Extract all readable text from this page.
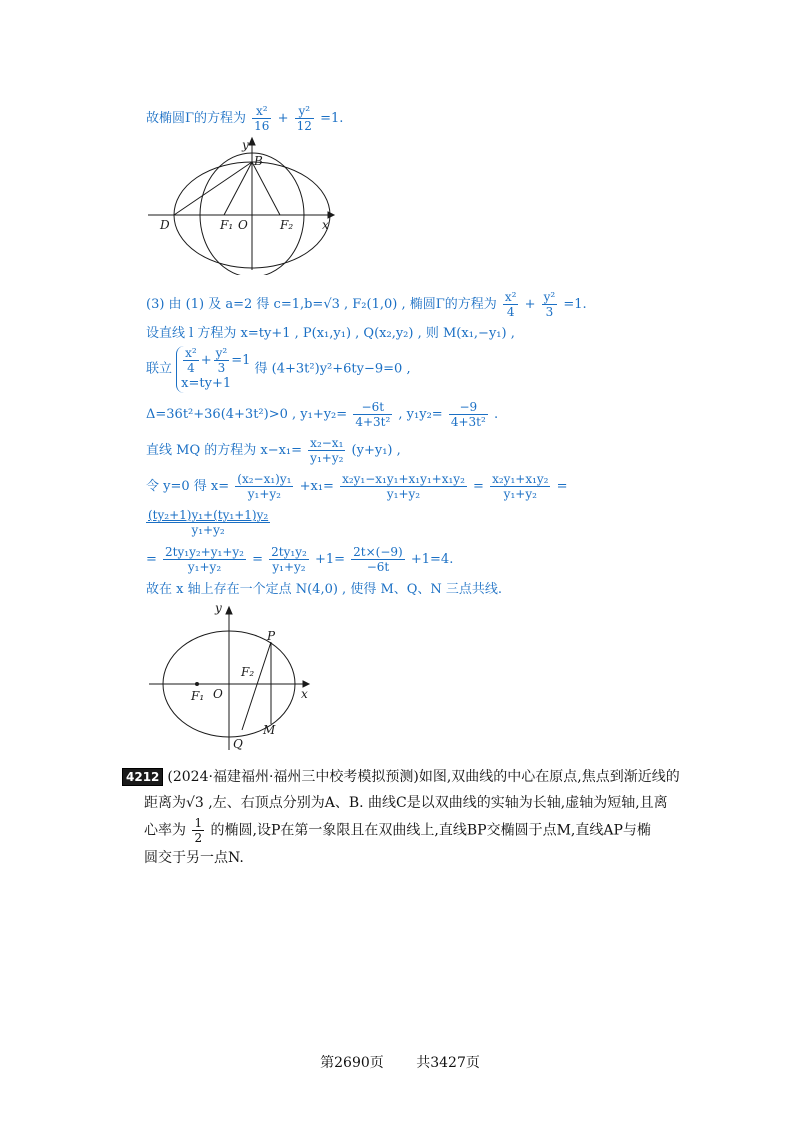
故椭圆Γ的方程为 $\frac{\text{x²}}{16} + \frac{\text{y²}}{12} =1$.
y
B
D	F₁ O	F₂ x
(3) 由 (1) 及 a=2 得 c=1,b=√3 , F₂(1,0) , 椭圆Γ的方程为 $\frac{\text{x²}}{4} + \frac{\text{y²}}{3} =1$.
设直线 l 方程为 x=ty+1 , P(x₁,y₁) , Q(x₂,y₂) , 则 M(x₁,−y₁) ,
联立 $\frac{\text{x²}}{4} + \frac{\text{y²}}{3} =1$
x=ty+1
得 (4+3t²)y²+6ty−9=0 ,
Δ=36t²+36(4+3t²)>0 , $y_1+y_2= \frac{-6t}{\text{4+3t²}}$ , $y_1y_2= \frac{-9}{\text{4+3t²}}$ .
直线 MQ 的方程为 $x-x_1= \frac{\text{x₂−x₁}}{\text{y₁+y₂}} (y+y_1)$ ,
令 y=0 得 $x= \frac{\text{(x₂−x₁)y₁}}{\text{y₁+y₂}} +x_1= \frac{\text{x₂y₁−x₁y₁+x₁y₁+x₁y₂}}{\text{y₁+y₂}} = \frac{\text{x₂y₁+x₁y₂}}{\text{y₁+y₂}}$ =
$\frac{\text{(ty₂+1)y₁+(ty₁+1)y₂}}{\text{y₁+y₂}}$
= $\frac{\text{2ty₁y₂+y₁+y₂}}{\text{y₁+y₂}} = \frac{\text{2ty₁y₂}}{\text{y₁+y₂}} +1= \frac{2t\times(-9)}{-6t} +1=4$.
故在 x 轴上存在一个定点 N(4,0) , 使得 M、Q、N 三点共线.
y
P
F₂
F₁ O	x
Q
M
4212 (2024·福建福州·福州三中校考模拟预测)如图,双曲线的中心在原点,焦点到渐近线的
距离为√3 ,左、右顶点分别为A、B. 曲线C是以双曲线的实轴为长轴,虚轴为短轴,且离
心率为 $\frac{1}{2}$ 的椭圆,设P在第一象限且在双曲线上,直线BP交椭圆于点M,直线AP与椭
圆交于另一点N.
第2690页 共3427页
